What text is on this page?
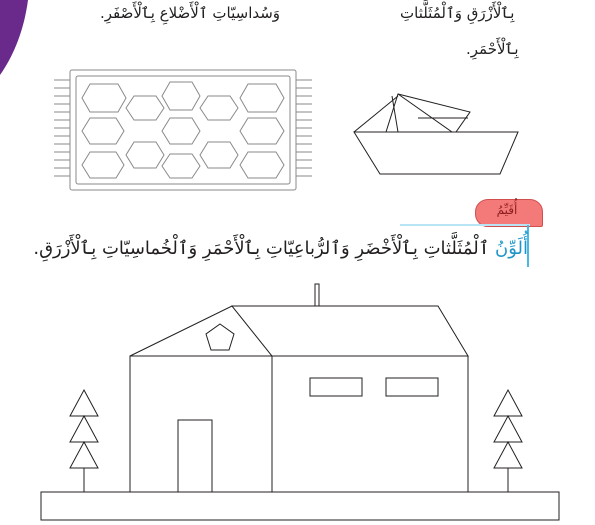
وَسُداسِيّاتِ ٱلْأَضْلاعِ بِٱلْأَصْفَرِ.	بِٱلْأَزْرَقِ وَٱلْمُثَلَّثاتِ
بِٱلْأَحْمَرِ.
أُقَيِّمُ
أُلَوِّنُ ٱلْمُثَلَّثاتِ بِٱلْأَخْضَرِ وَٱلرُّباعِيّاتِ بِٱلْأَحْمَرِ وَٱلْخُماسِيّاتِ بِٱلْأَزْرَقِ.
